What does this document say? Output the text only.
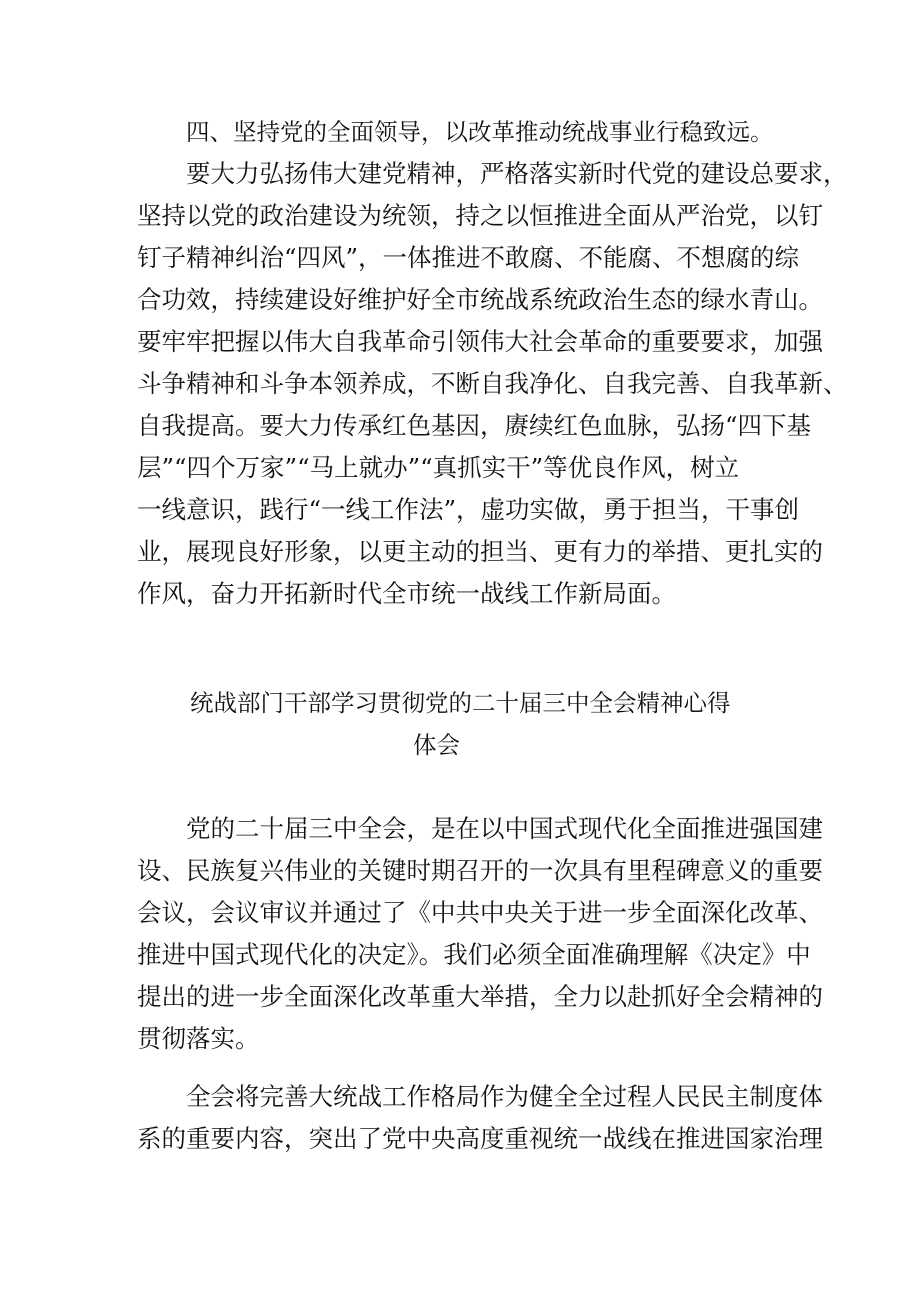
四、坚持党的全面领导，以改革推动统战事业行稳致远。

要大力弘扬伟大建党精神，严格落实新时代党的建设总要求，

坚持以党的政治建设为统领，持之以恒推进全面从严治党，以钉

钉子精神纠治“四风”，一体推进不敢腐、不能腐、不想腐的综

合功效，持续建设好维护好全市统战系统政治生态的绿水青山。

要牢牢把握以伟大自我革命引领伟大社会革命的重要要求，加强

斗争精神和斗争本领养成，不断自我净化、自我完善、自我革新、

自我提高。要大力传承红色基因，赓续红色血脉，弘扬“四下基

层”“四个万家”“马上就办”“真抓实干”等优良作风，树立

一线意识，践行“一线工作法”，虚功实做，勇于担当，干事创

业，展现良好形象，以更主动的担当、更有力的举措、更扎实的

作风，奋力开拓新时代全市统一战线工作新局面。

统战部门干部学习贯彻党的二十届三中全会精神心得
体会

党的二十届三中全会，是在以中国式现代化全面推进强国建

设、民族复兴伟业的关键时期召开的一次具有里程碑意义的重要

会议，会议审议并通过了《中共中央关于进一步全面深化改革、

推进中国式现代化的决定》。我们必须全面准确理解《决定》中

提出的进一步全面深化改革重大举措，全力以赴抓好全会精神的

贯彻落实。

全会将完善大统战工作格局作为健全全过程人民民主制度体

系的重要内容，突出了党中央高度重视统一战线在推进国家治理
